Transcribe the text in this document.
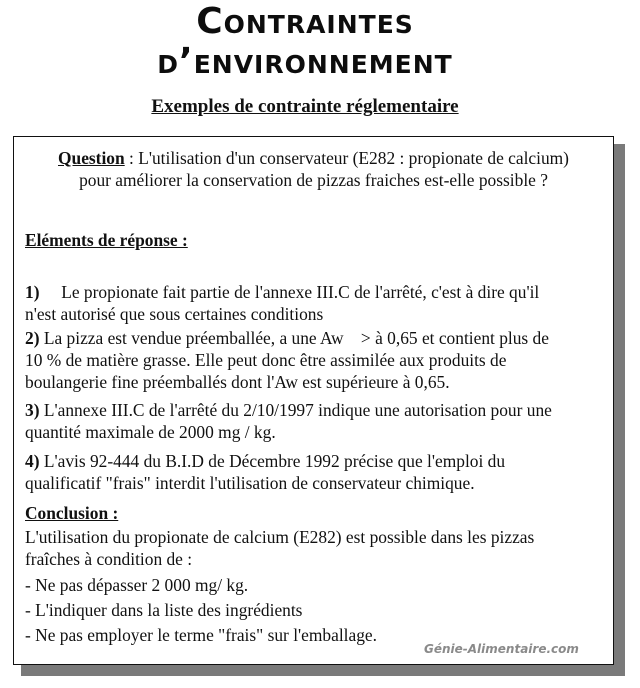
Contraintes
d’environnement
Exemples de contrainte réglementaire

Question : L'utilisation d'un conservateur (E282 : propionate de calcium)

pour améliorer la conservation de pizzas fraiches est-elle possible ?

Eléments de réponse :

1)     Le propionate fait partie de l'annexe III.C de l'arrêté, c'est à dire qu'il

n'est autorisé que sous certaines conditions

2) La pizza est vendue préemballée, a une Aw    > à 0,65 et contient plus de

10 % de matière grasse. Elle peut donc être assimilée aux produits de

boulangerie fine préemballés dont l'Aw est supérieure à 0,65.

3) L'annexe III.C de l'arrêté du 2/10/1997 indique une autorisation pour une

quantité maximale de 2000 mg / kg.

4) L'avis 92-444 du B.I.D de Décembre 1992 précise que l'emploi du

qualificatif "frais" interdit l'utilisation de conservateur chimique.

Conclusion :

L'utilisation du propionate de calcium (E282) est possible dans les pizzas

fraîches à condition de :

- Ne pas dépasser 2 000 mg/ kg.

- L'indiquer dans la liste des ingrédients

- Ne pas employer le terme "frais" sur l'emballage.

Génie-Alimentaire.com
